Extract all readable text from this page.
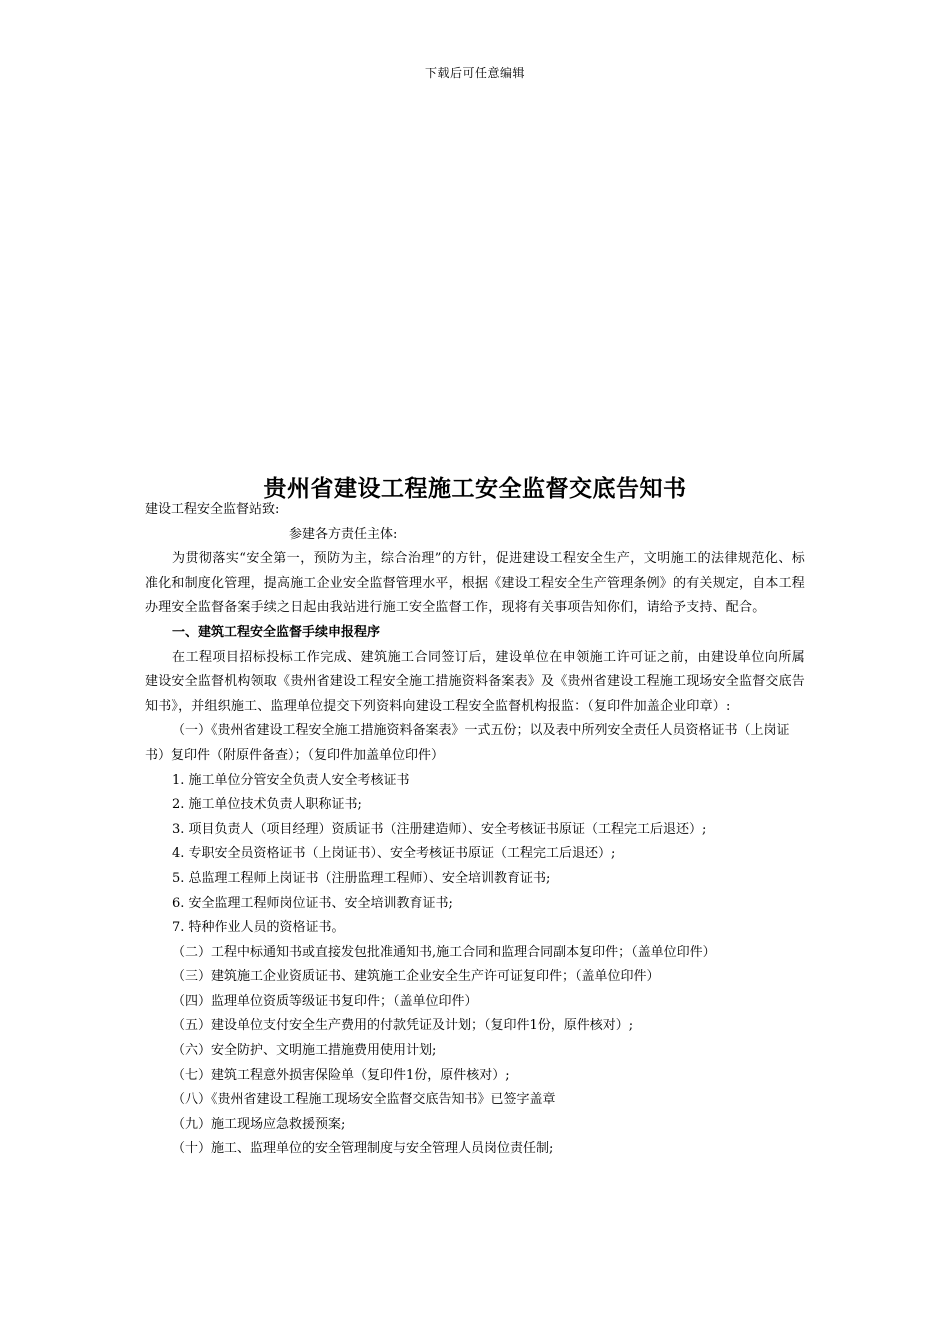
下载后可任意编辑
贵州省建设工程施工安全监督交底告知书

建设工程安全监督站致:

参建各方责任主体:

为贯彻落实“安全第一，预防为主，综合治理”的方针，促进建设工程安全生产，文明施工的法律规范化、标准化和制度化管理，提高施工企业安全监督管理水平，根据《建设工程安全生产管理条例》的有关规定，自本工程办理安全监督备案手续之日起由我站进行施工安全监督工作，现将有关事项告知你们，请给予支持、配合。

一、建筑工程安全监督手续申报程序

在工程项目招标投标工作完成、建筑施工合同签订后，建设单位在申领施工许可证之前，由建设单位向所属建设安全监督机构领取《贵州省建设工程安全施工措施资料备案表》及《贵州省建设工程施工现场安全监督交底告知书》，并组织施工、监理单位提交下列资料向建设工程安全监督机构报监：（复印件加盖企业印章）:

（一）《贵州省建设工程安全施工措施资料备案表》一式五份；以及表中所列安全责任人员资格证书（上岗证书）复印件（附原件备查）；（复印件加盖单位印件）

1. 施工单位分管安全负责人安全考核证书

2. 施工单位技术负责人职称证书;

3. 项目负责人（项目经理）资质证书（注册建造师）、安全考核证书原证（工程完工后退还）;

4. 专职安全员资格证书（上岗证书）、安全考核证书原证（工程完工后退还）;

5. 总监理工程师上岗证书（注册监理工程师）、安全培训教育证书;

6. 安全监理工程师岗位证书、安全培训教育证书;

7. 特种作业人员的资格证书。

（二）工程中标通知书或直接发包批准通知书,施工合同和监理合同副本复印件；（盖单位印件）

（三）建筑施工企业资质证书、建筑施工企业安全生产许可证复印件；（盖单位印件）

（四）监理单位资质等级证书复印件；（盖单位印件）

（五）建设单位支付安全生产费用的付款凭证及计划；（复印件1份，原件核对）;

（六）安全防护、文明施工措施费用使用计划;

（七）建筑工程意外损害保险单（复印件1份，原件核对）;

（八）《贵州省建设工程施工现场安全监督交底告知书》已签字盖章

（九）施工现场应急救援预案;

（十）施工、监理单位的安全管理制度与安全管理人员岗位责任制;
